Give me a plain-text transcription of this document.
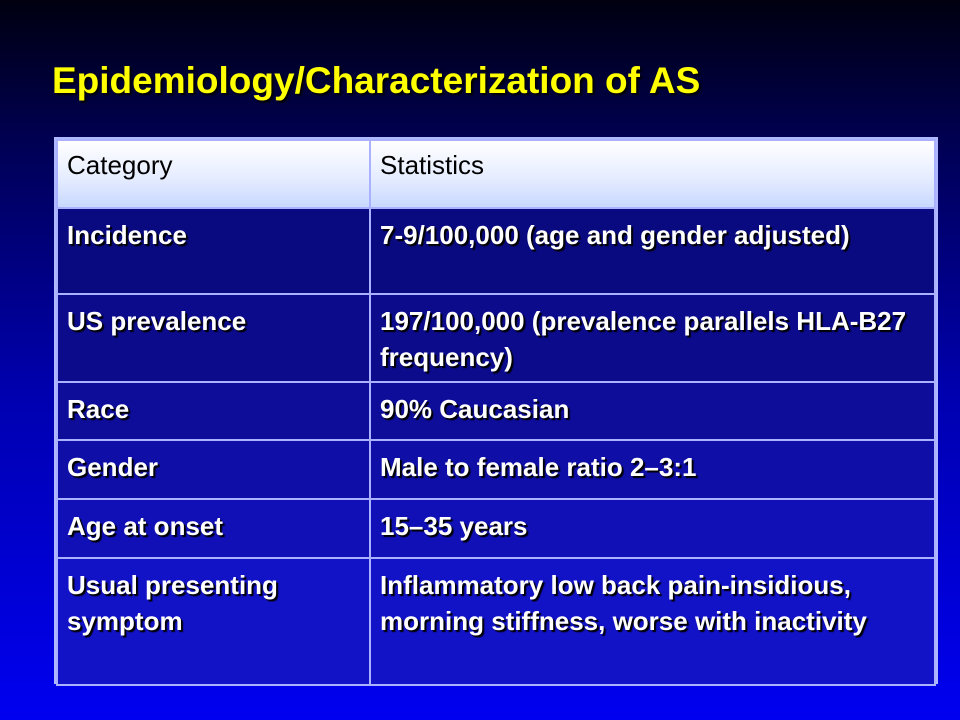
Epidemiology/Characterization of AS
Category	Statistics
Incidence	7-9/100,000 (age and gender adjusted)
US prevalence	197/100,000 (prevalence parallels HLA-B27 frequency)
Race	90% Caucasian
Gender	Male to female ratio 2–3:1
Age at onset	15–35 years
Usual presenting symptom	Inflammatory low back pain-insidious, morning stiffness, worse with inactivity
